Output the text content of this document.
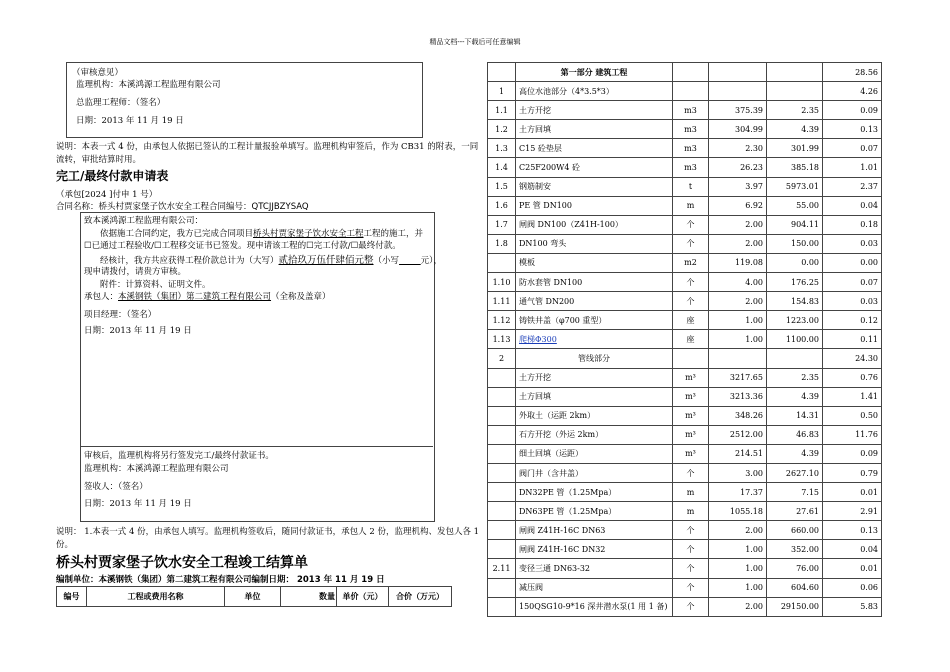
精品文档---下载后可任意编辑
（审核意见）
监理机构：本溪鸿源工程监理有限公司
总监理工程师：（签名）
日期：2013 年 11 月 19 日
说明：本表一式 4 份，由承包人依据已签认的工程计量报验单填写。监理机构审签后，作为 CB31 的附表，一同
流转，审批结算时用。
完工/最终付款申请表
（承包[2024 ]付申 1 号）
合同名称：桥头村贾家堡子饮水安全工程合同编号：QTCJJBZYSAQ
致本溪鸿源工程监理有限公司：
依据施工合同约定，我方已完成合同项目桥头村贾家堡子饮水安全工程工程的施工，并
☐已通过工程验收/☐工程移交证书已签发。现申请该工程的☐完工付款/☐最终付款。
经核计，我方共应获得工程价款总计为（大写）贰拾玖万伍仟肆佰元整（小写	元），
现申请拨付，请贵方审核。
附件：计算资料、证明文件。
承包人：本溪钢铁（集团）第二建筑工程有限公司（全称及盖章）
项目经理：（签名）
日期：2013 年 11 月 19 日
审核后，监理机构将另行签发完工/最终付款证书。
监理机构：本溪鸿源工程监理有限公司
签收人：（签名）
日期：2013 年 11 月 19 日
说明： 1.本表一式 4 份，由承包人填写。监理机构签收后，随同付款证书，承包人 2 份，监理机构、发包人各 1
份。
桥头村贾家堡子饮水安全工程竣工结算单
编制单位：本溪钢铁（集团）第二建筑工程有限公司编制日期： 2013 年 11 月 19 日
编号	工程或费用名称	单位	数量	单价（元）	合价（万元）
	第一部分 建筑工程				28.56
1	高位水池部分（4*3.5*3）				4.26
1.1	土方开挖	m3	375.39	2.35	0.09
1.2	土方回填	m3	304.99	4.39	0.13
1.3	C15 砼垫层	m3	2.30	301.99	0.07
1.4	C25F200W4 砼	m3	26.23	385.18	1.01
1.5	钢筋制安	t	3.97	5973.01	2.37
1.6	PE 管 DN100	m	6.92	55.00	0.04
1.7	闸阀 DN100（Z41H-100）	个	2.00	904.11	0.18
1.8	DN100 弯头	个	2.00	150.00	0.03
	模板	m2	119.08	0.00	0.00
1.10	防水套管 DN100	个	4.00	176.25	0.07
1.11	通气管 DN200	个	2.00	154.83	0.03
1.12	铸铁井盖（φ700 重型）	座	1.00	1223.00	0.12
1.13	爬梯Φ300	座	1.00	1100.00	0.11
2	管线部分				24.30
	土方开挖	m³	3217.65	2.35	0.76
	土方回填	m³	3213.36	4.39	1.41
	外取土（运距 2km）	m³	348.26	14.31	0.50
	石方开挖（外运 2km）	m³	2512.00	46.83	11.76
	细土回填（运距）	m³	214.51	4.39	0.09
	阀门井（含井盖）	个	3.00	2627.10	0.79
	DN32PE 管（1.25Mpa）	m	17.37	7.15	0.01
	DN63PE 管（1.25Mpa）	m	1055.18	27.61	2.91
	闸阀 Z41H-16C DN63	个	2.00	660.00	0.13
	闸阀 Z41H-16C DN32	个	1.00	352.00	0.04
2.11	变径三通 DN63-32	个	1.00	76.00	0.01
	减压阀	个	1.00	604.60	0.06
	150QSG10-9*16 深井潜水泵(1 用 1 备)	个	2.00	29150.00	5.83
